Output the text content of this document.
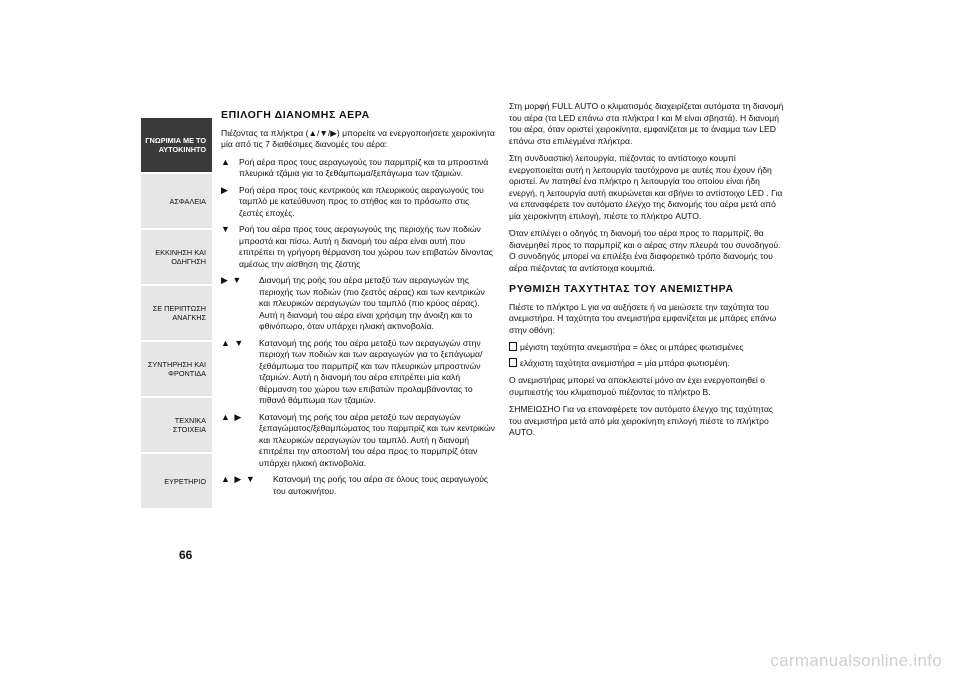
ΓΝΩΡΙΜΙΑ ΜΕ ΤΟ ΑΥΤΟΚΙΝΗΤΟ
ΑΣΦΑΛΕΙΑ
ΕΚΚΙΝΗΣΗ ΚΑΙ ΟΔΗΓΗΣΗ
ΣΕ ΠΕΡΙΠΤΩΣΗ ΑΝΑΓΚΗΣ
ΣΥΝΤΗΡΗΣΗ ΚΑΙ ΦΡΟΝΤΙΔΑ
ΤΕΧΝΙΚΑ ΣΤΟΙΧΕΙΑ
ΕΥΡΕΤΗΡΙΟ
66
ΕΠΙΛΟΓΗ ΔΙΑΝΟΜΗΣ ΑΕΡΑ

Πιέζοντας τα πλήκτρα (▲/▼/▶) μπορείτε να ενεργοποιήσετε χειροκίνητα μία από τις 7 διαθέσιμες διανομές του αέρα:

▲ Ροή αέρα προς τους αεραγωγούς του παρμπρίζ και τα μπροστινά πλευρικά τζάμια για το ξεθάμπωμα/ξεπάγωμα των τζαμιών.
▶	Ροή αέρα προς τους κεντρικούς και πλευρικούς αεραγωγούς του ταμπλό με κατεύθυνση προς το στήθος και το πρόσωπο στις ζεστές εποχές.
▼ Ροή του αέρα προς τους αεραγωγούς της περιοχής των ποδιών μπροστά και πίσω. Αυτή η διανομή του αέρα είναι αυτή που επιτρέπει τη γρήγορη θέρμανση του χώρου των επιβατών δίνοντας αμέσως την αίσθηση της ζέστης
▶ ▼	Διανομή της ροής του αέρα μεταξύ των αεραγωγών της περιοχής των ποδιών (πιο ζεστός αέρας) και των κεντρικών και πλευρικών αεραγωγών του ταμπλό (πιο κρύος αέρας). Αυτή η διανομή του αέρα είναι χρήσιμη την άνοιξη και το φθινόπωρο, όταν υπάρχει ηλιακή ακτινοβολία.
▲ ▼	Κατανομή της ροής του αέρα μεταξύ των αεραγωγών στην περιοχή των ποδιών και των αεραγωγών για το ξεπάγωμα/ξεθάμπωμα του παρμπρίζ και των πλευρικών μπροστινών τζαμιών. Αυτή η διανομή του αέρα επιτρέπει μία καλή θέρμανση του χώρου των επιβατών προλαμβάνοντας το πιθανό θάμπωμα των τζαμιών.
▲ ▶	Κατανομή της ροής του αέρα μεταξύ των αεραγωγών ξεπαγώματος/ξεθαμπώματος του παρμπρίζ και των κεντρικών και πλευρικών αεραγωγών του ταμπλό. Αυτή η διανομή επιτρέπει την αποστολή του αέρα προς το παρμπρίζ όταν υπάρχει ηλιακή ακτινοβολία.
▲ ▶ ▼	Κατανομή της ροής του αέρα σε όλους τους αεραγωγούς του αυτοκινήτου.

Στη μορφή FULL AUTO ο κλιματισμός διαχειρίζεται αυτόματα τη διανομή του αέρα (τα LED επάνω στα πλήκτρα I και M είναι σβηστά). Η διανομή του αέρα, όταν οριστεί χειροκίνητα, εμφανίζεται με το άναμμα των LED επάνω στα επιλεγμένα πλήκτρα.

Στη συνδυαστική λειτουργία, πιέζοντας το αντίστοιχο κουμπί ενεργοποιείται αυτή η λειτουργία ταυτόχρονα με αυτές που έχουν ήδη οριστεί. Αν πατηθεί ένα πλήκτρο η λειτουργία του οποίου είναι ήδη ενεργή, η λειτουργία αυτή ακυρώνεται και σβήνει το αντίστοιχο LED . Για να επαναφέρετε τον αυτόματο έλεγχο της διανομής του αέρα μετά από μία χειροκίνητη επιλογή, πιέστε το πλήκτρο AUTO.

Όταν επιλέγει ο οδηγός τη διανομή του αέρα προς το παρμπρίζ, θα διανεμηθεί προς το παρμπρίζ και ο αέρας στην πλευρά του συνοδηγού. Ο συνοδηγός μπορεί να επιλέξει ένα διαφορετικό τρόπο διανομής του αέρα πιέζοντας τα αντίστοιχα κουμπιά.

ΡΥΘΜΙΣΗ ΤΑΧΥΤΗΤΑΣ ΤΟΥ ΑΝΕΜΙΣΤΗΡΑ

Πιέστε το πλήκτρο L για να αυξήσετε ή να μειώσετε την ταχύτητα του ανεμιστήρα. Η ταχύτητα του ανεμιστήρα εμφανίζεται με μπάρες επάνω στην οθόνη:

μέγιστη ταχύτητα ανεμιστήρα = όλες οι μπάρες φωτισμένες
ελάχιστη ταχύτητα ανεμιστήρα = μία μπάρα φωτισμένη.

Ο ανεμιστήρας μπορεί να αποκλειστεί μόνο αν έχει ενεργοποιηθεί ο συμπιεστής του κλιματισμού πιέζοντας το πλήκτρο B.

ΣΗΜΕΙΩΣΗΟ Για να επαναφέρετε τον αυτόματο έλεγχο της ταχύτητας του ανεμιστήρα μετά από μία χειροκίνητη επιλογή πιέστε το πλήκτρο AUTO.

carmanualsonline.info
